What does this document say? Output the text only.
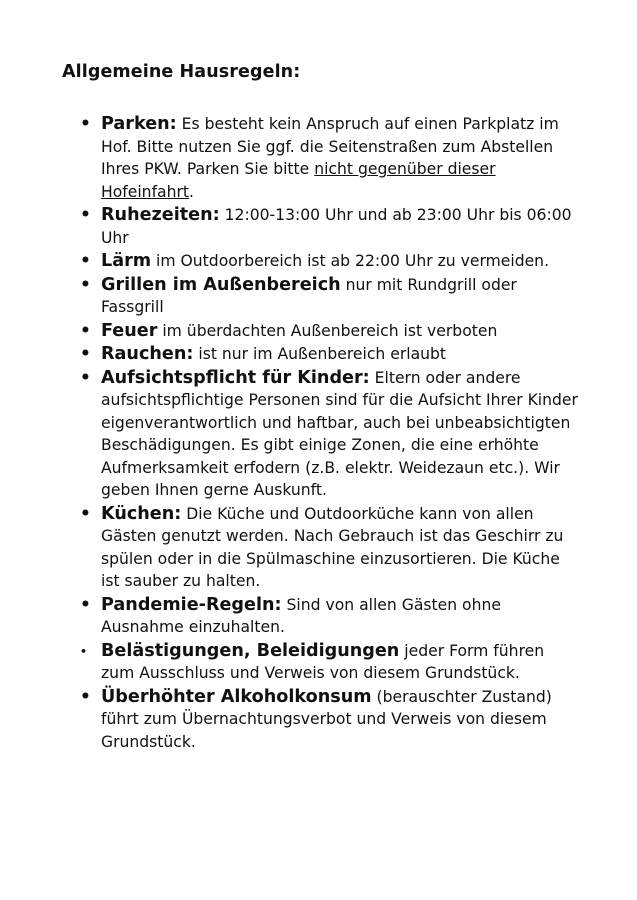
Allgemeine Hausregeln:
• Parken: Es besteht kein Anspruch auf einen Parkplatz im Hof. Bitte nutzen Sie ggf. die Seitenstraßen zum Abstellen Ihres PKW. Parken Sie bitte nicht gegenüber dieser Hofeinfahrt.
• Ruhezeiten: 12:00-13:00 Uhr und ab 23:00 Uhr bis 06:00 Uhr
• Lärm im Outdoorbereich ist ab 22:00 Uhr zu vermeiden.
• Grillen im Außenbereich nur mit Rundgrill oder Fassgrill
• Feuer im überdachten Außenbereich ist verboten
• Rauchen: ist nur im Außenbereich erlaubt
• Aufsichtspflicht für Kinder: Eltern oder andere aufsichtspflichtige Personen sind für die Aufsicht Ihrer Kinder eigenverantwortlich und haftbar, auch bei unbeabsichtigten Beschädigungen. Es gibt einige Zonen, die eine erhöhte Aufmerksamkeit erfodern (z.B. elektr. Weidezaun etc.). Wir geben Ihnen gerne Auskunft.
• Küchen: Die Küche und Outdoorküche kann von allen Gästen genutzt werden. Nach Gebrauch ist das Geschirr zu spülen oder in die Spülmaschine einzusortieren. Die Küche ist sauber zu halten.
• Pandemie-Regeln: Sind von allen Gästen ohne Ausnahme einzuhalten.
• Belästigungen, Beleidigungen jeder Form führen zum Ausschluss und Verweis von diesem Grundstück.
• Überhöhter Alkoholkonsum (berauschter Zustand) führt zum Übernachtungsverbot und Verweis von diesem Grundstück.
